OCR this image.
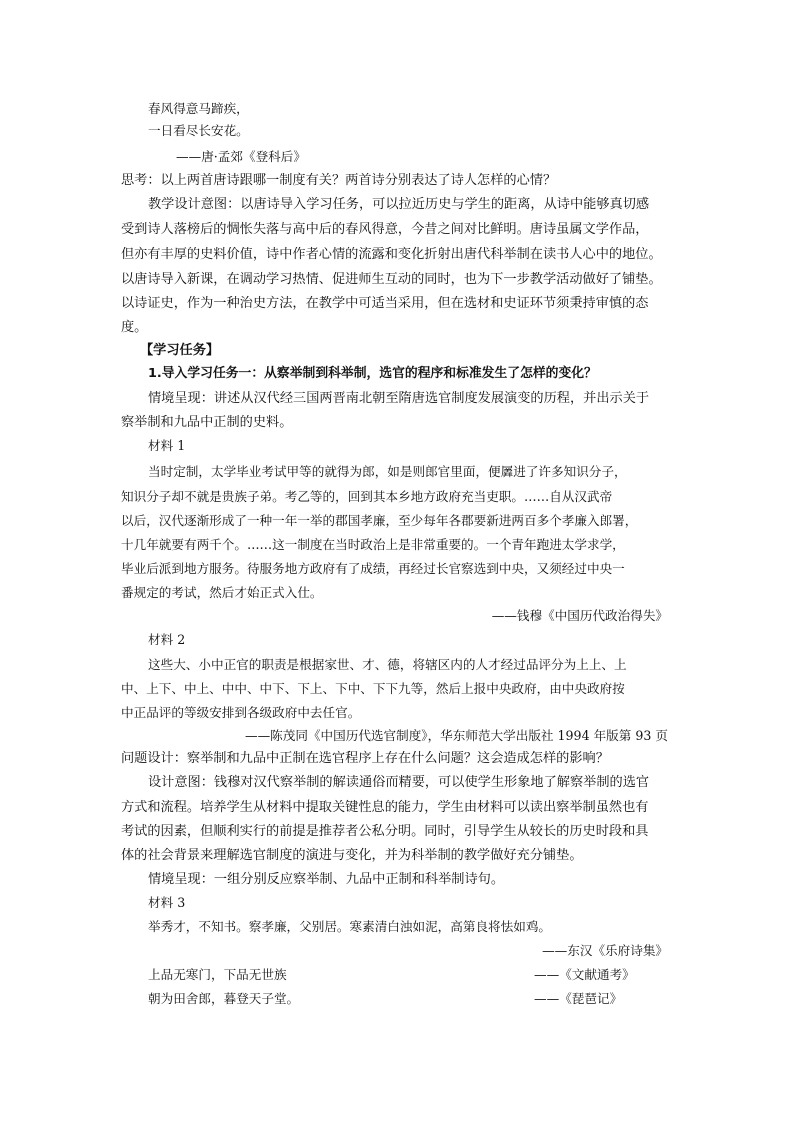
春风得意马蹄疾，
一日看尽长安花。
——唐·孟郊《登科后》
思考：以上两首唐诗跟哪一制度有关？两首诗分别表达了诗人怎样的心情？
教学设计意图：以唐诗导入学习任务，可以拉近历史与学生的距离，从诗中能够真切感
受到诗人落榜后的惆怅失落与高中后的春风得意，今昔之间对比鲜明。唐诗虽属文学作品，
但亦有丰厚的史料价值，诗中作者心情的流露和变化折射出唐代科举制在读书人心中的地位。
以唐诗导入新课，在调动学习热情、促进师生互动的同时，也为下一步教学活动做好了铺垫。
以诗证史，作为一种治史方法，在教学中可适当采用，但在选材和史证环节须秉持审慎的态
度。
【学习任务】
1.导入学习任务一：从察举制到科举制，选官的程序和标准发生了怎样的变化？
情境呈现：讲述从汉代经三国两晋南北朝至隋唐选官制度发展演变的历程，并出示关于
察举制和九品中正制的史料。
材料 1
当时定制，太学毕业考试甲等的就得为郎，如是则郎官里面，便羼进了许多知识分子，
知识分子却不就是贵族子弟。考乙等的，回到其本乡地方政府充当吏职。……自从汉武帝
以后，汉代逐渐形成了一种一年一举的郡国孝廉，至少每年各郡要新进两百多个孝廉入郎署，
十几年就要有两千个。……这一制度在当时政治上是非常重要的。一个青年跑进太学求学，
毕业后派到地方服务。待服务地方政府有了成绩，再经过长官察选到中央，又须经过中央一
番规定的考试，然后才始正式入仕。
——钱穆《中国历代政治得失》
材料 2
这些大、小中正官的职责是根据家世、才、德，将辖区内的人才经过品评分为上上、上
中、上下、中上、中中、中下、下上、下中、下下九等，然后上报中央政府，由中央政府按
中正品评的等级安排到各级政府中去任官。
——陈茂同《中国历代选官制度》，华东师范大学出版社 1994 年版第 93 页
问题设计：察举制和九品中正制在选官程序上存在什么问题？这会造成怎样的影响？
设计意图：钱穆对汉代察举制的解读通俗而精要，可以使学生形象地了解察举制的选官
方式和流程。培养学生从材料中提取关键性息的能力，学生由材料可以读出察举制虽然也有
考试的因素，但顺利实行的前提是推荐者公私分明。同时，引导学生从较长的历史时段和具
体的社会背景来理解选官制度的演进与变化，并为科举制的教学做好充分铺垫。
情境呈现：一组分别反应察举制、九品中正制和科举制诗句。
材料 3
举秀才，不知书。察孝廉，父别居。寒素清白浊如泥，高第良将怯如鸡。
——东汉《乐府诗集》
上品无寒门，下品无世族	——《文献通考》
朝为田舍郎，暮登天子堂。	——《琵琶记》
